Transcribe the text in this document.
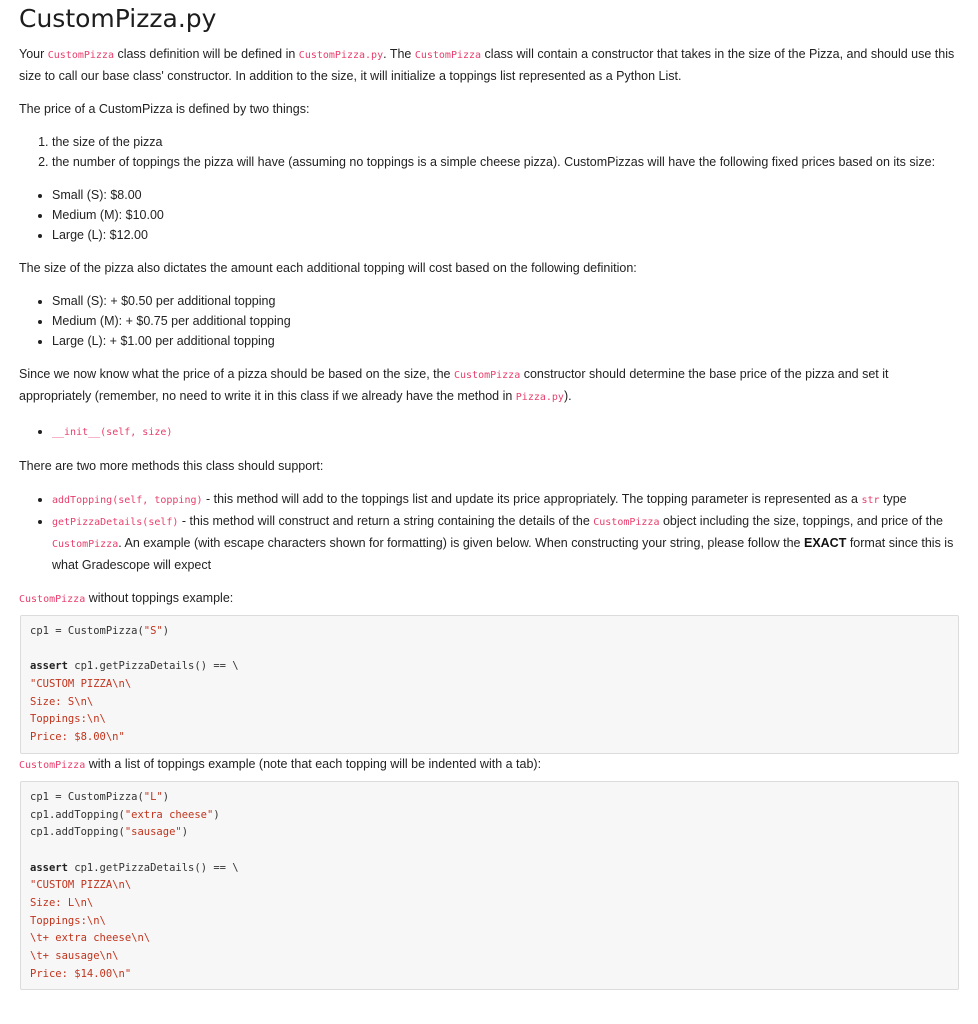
CustomPizza.py

Your CustomPizza class definition will be defined in CustomPizza.py. The CustomPizza class will contain a constructor that takes in the size of the Pizza, and should use this size to call our base class' constructor. In addition to the size, it will initialize a toppings list represented as a Python List.

The price of a CustomPizza is defined by two things:

1. the size of the pizza
2. the number of toppings the pizza will have (assuming no toppings is a simple cheese pizza). CustomPizzas will have the following fixed prices based on its size:
• Small (S): $8.00
• Medium (M): $10.00
• Large (L): $12.00

The size of the pizza also dictates the amount each additional topping will cost based on the following definition:

• Small (S): + $0.50 per additional topping
• Medium (M): + $0.75 per additional topping
• Large (L): + $1.00 per additional topping

Since we now know what the price of a pizza should be based on the size, the CustomPizza constructor should determine the base price of the pizza and set it appropriately (remember, no need to write it in this class if we already have the method in Pizza.py).

• __init__(self, size)

There are two more methods this class should support:

• addTopping(self, topping) - this method will add to the toppings list and update its price appropriately. The topping parameter is represented as a str type
• getPizzaDetails(self) - this method will construct and return a string containing the details of the CustomPizza object including the size, toppings, and price of the CustomPizza. An example (with escape characters shown for formatting) is given below. When constructing your string, please follow the EXACT format since this is what Gradescope will expect

CustomPizza without toppings example:

cp1 = CustomPizza("S")
assert cp1.getPizzaDetails() == \
"CUSTOM PIZZA\n\
Size: S\n\
Toppings:\n\
Price: $8.00\n"

CustomPizza with a list of toppings example (note that each topping will be indented with a tab):

cp1 = CustomPizza("L")
cp1.addTopping("extra cheese")
cp1.addTopping("sausage")
assert cp1.getPizzaDetails() == \
"CUSTOM PIZZA\n\
Size: L\n\
Toppings:\n\
\t+ extra cheese\n\
\t+ sausage\n\
Price: $14.00\n"
